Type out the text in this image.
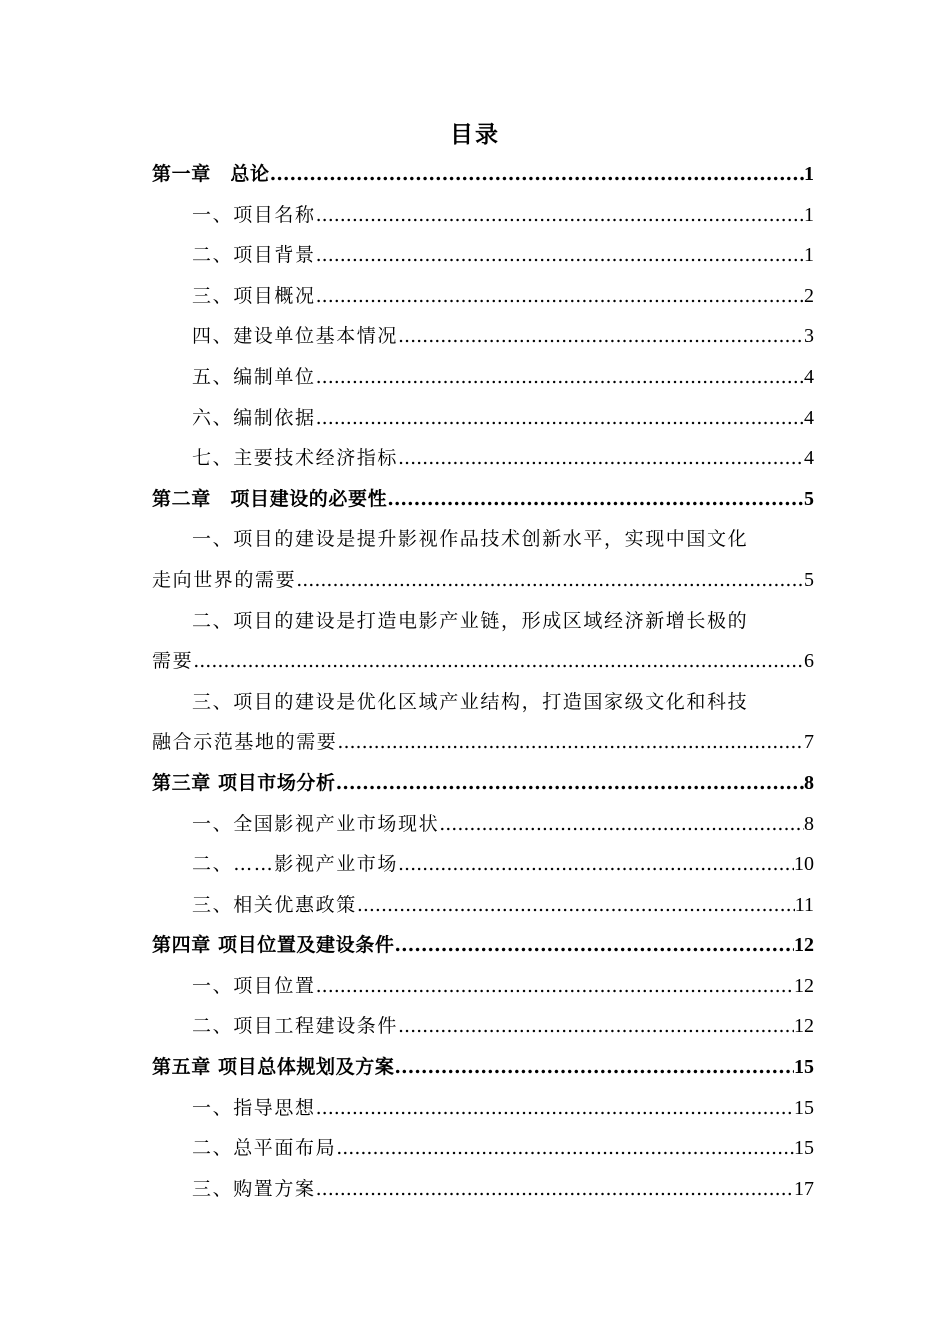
目录
第一章　总论 .....	1
一、项目名称 .....	1
二、项目背景 .....	1
三、项目概况 .....	2
四、建设单位基本情况 .....	3
五、编制单位 .....	4
六、编制依据 .....	4
七、主要技术经济指标 .....	4
第二章　项目建设的必要性 .....	5
一、项目的建设是提升影视作品技术创新水平，实现中国文化
走向世界的需要 .....	5
二、项目的建设是打造电影产业链，形成区域经济新增长极的
需要 .....	6
三、项目的建设是优化区域产业结构，打造国家级文化和科技
融合示范基地的需要 .....	7
第三章 项目市场分析 .....	8
一、全国影视产业市场现状 .....	8
二、……影视产业市场 .....	10
三、相关优惠政策 .....	11
第四章 项目位置及建设条件 .....	12
一、项目位置 .....	12
二、项目工程建设条件 .....	12
第五章 项目总体规划及方案 .....	15
一、指导思想 .....	15
二、总平面布局 .....	15
三、购置方案 .....	17
